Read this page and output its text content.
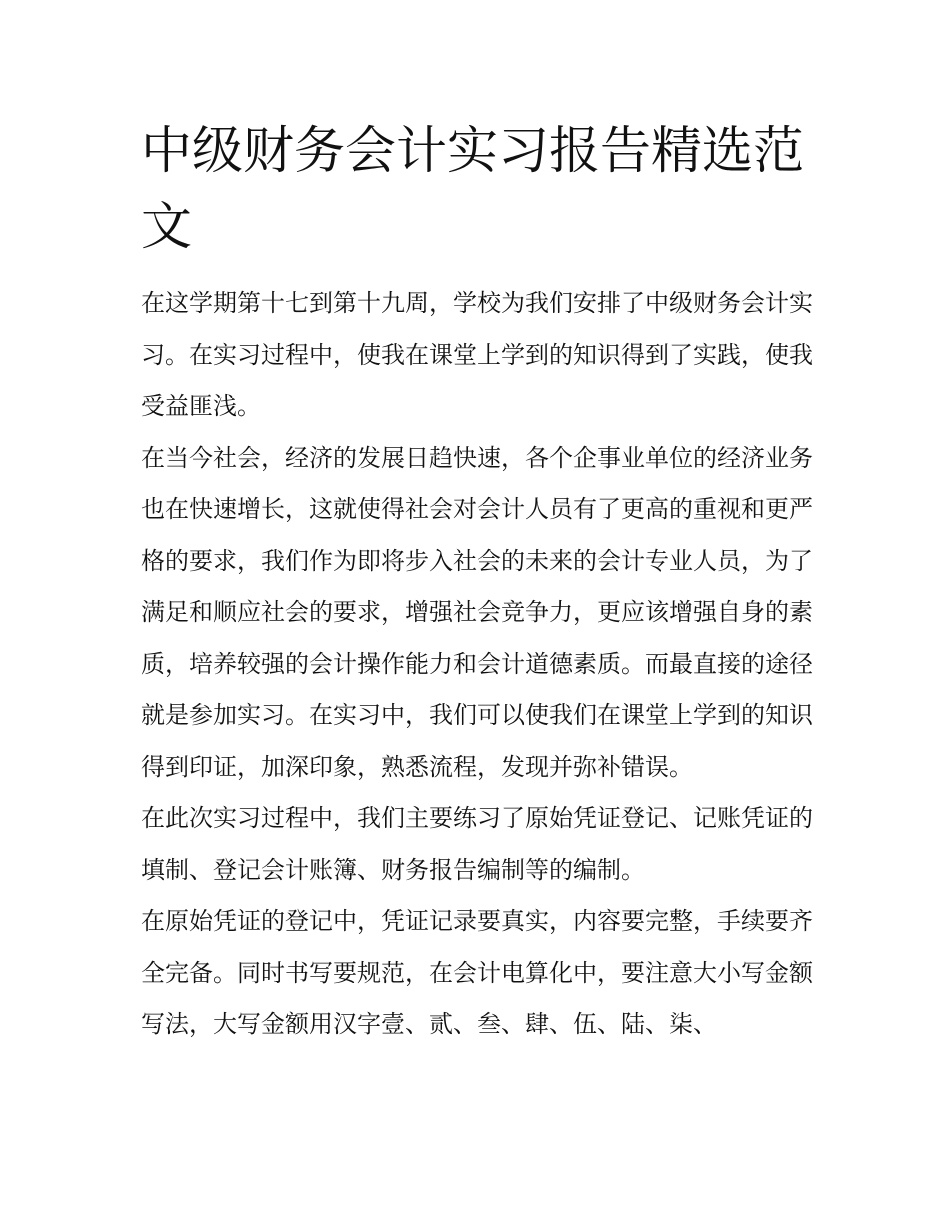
中级财务会计实习报告精选范文

在这学期第十七到第十九周，学校为我们安排了中级财务会计实习。在实习过程中，使我在课堂上学到的知识得到了实践，使我受益匪浅。

在当今社会，经济的发展日趋快速，各个企事业单位的经济业务也在快速增长，这就使得社会对会计人员有了更高的重视和更严格的要求，我们作为即将步入社会的未来的会计专业人员，为了满足和顺应社会的要求，增强社会竞争力，更应该增强自身的素质，培养较强的会计操作能力和会计道德素质。而最直接的途径就是参加实习。在实习中，我们可以使我们在课堂上学到的知识得到印证，加深印象，熟悉流程，发现并弥补错误。

在此次实习过程中，我们主要练习了原始凭证登记、记账凭证的填制、登记会计账簿、财务报告编制等的编制。

在原始凭证的登记中，凭证记录要真实，内容要完整，手续要齐全完备。同时书写要规范，在会计电算化中，要注意大小写金额写法，大写金额用汉字壹、贰、叁、肆、伍、陆、柒、
